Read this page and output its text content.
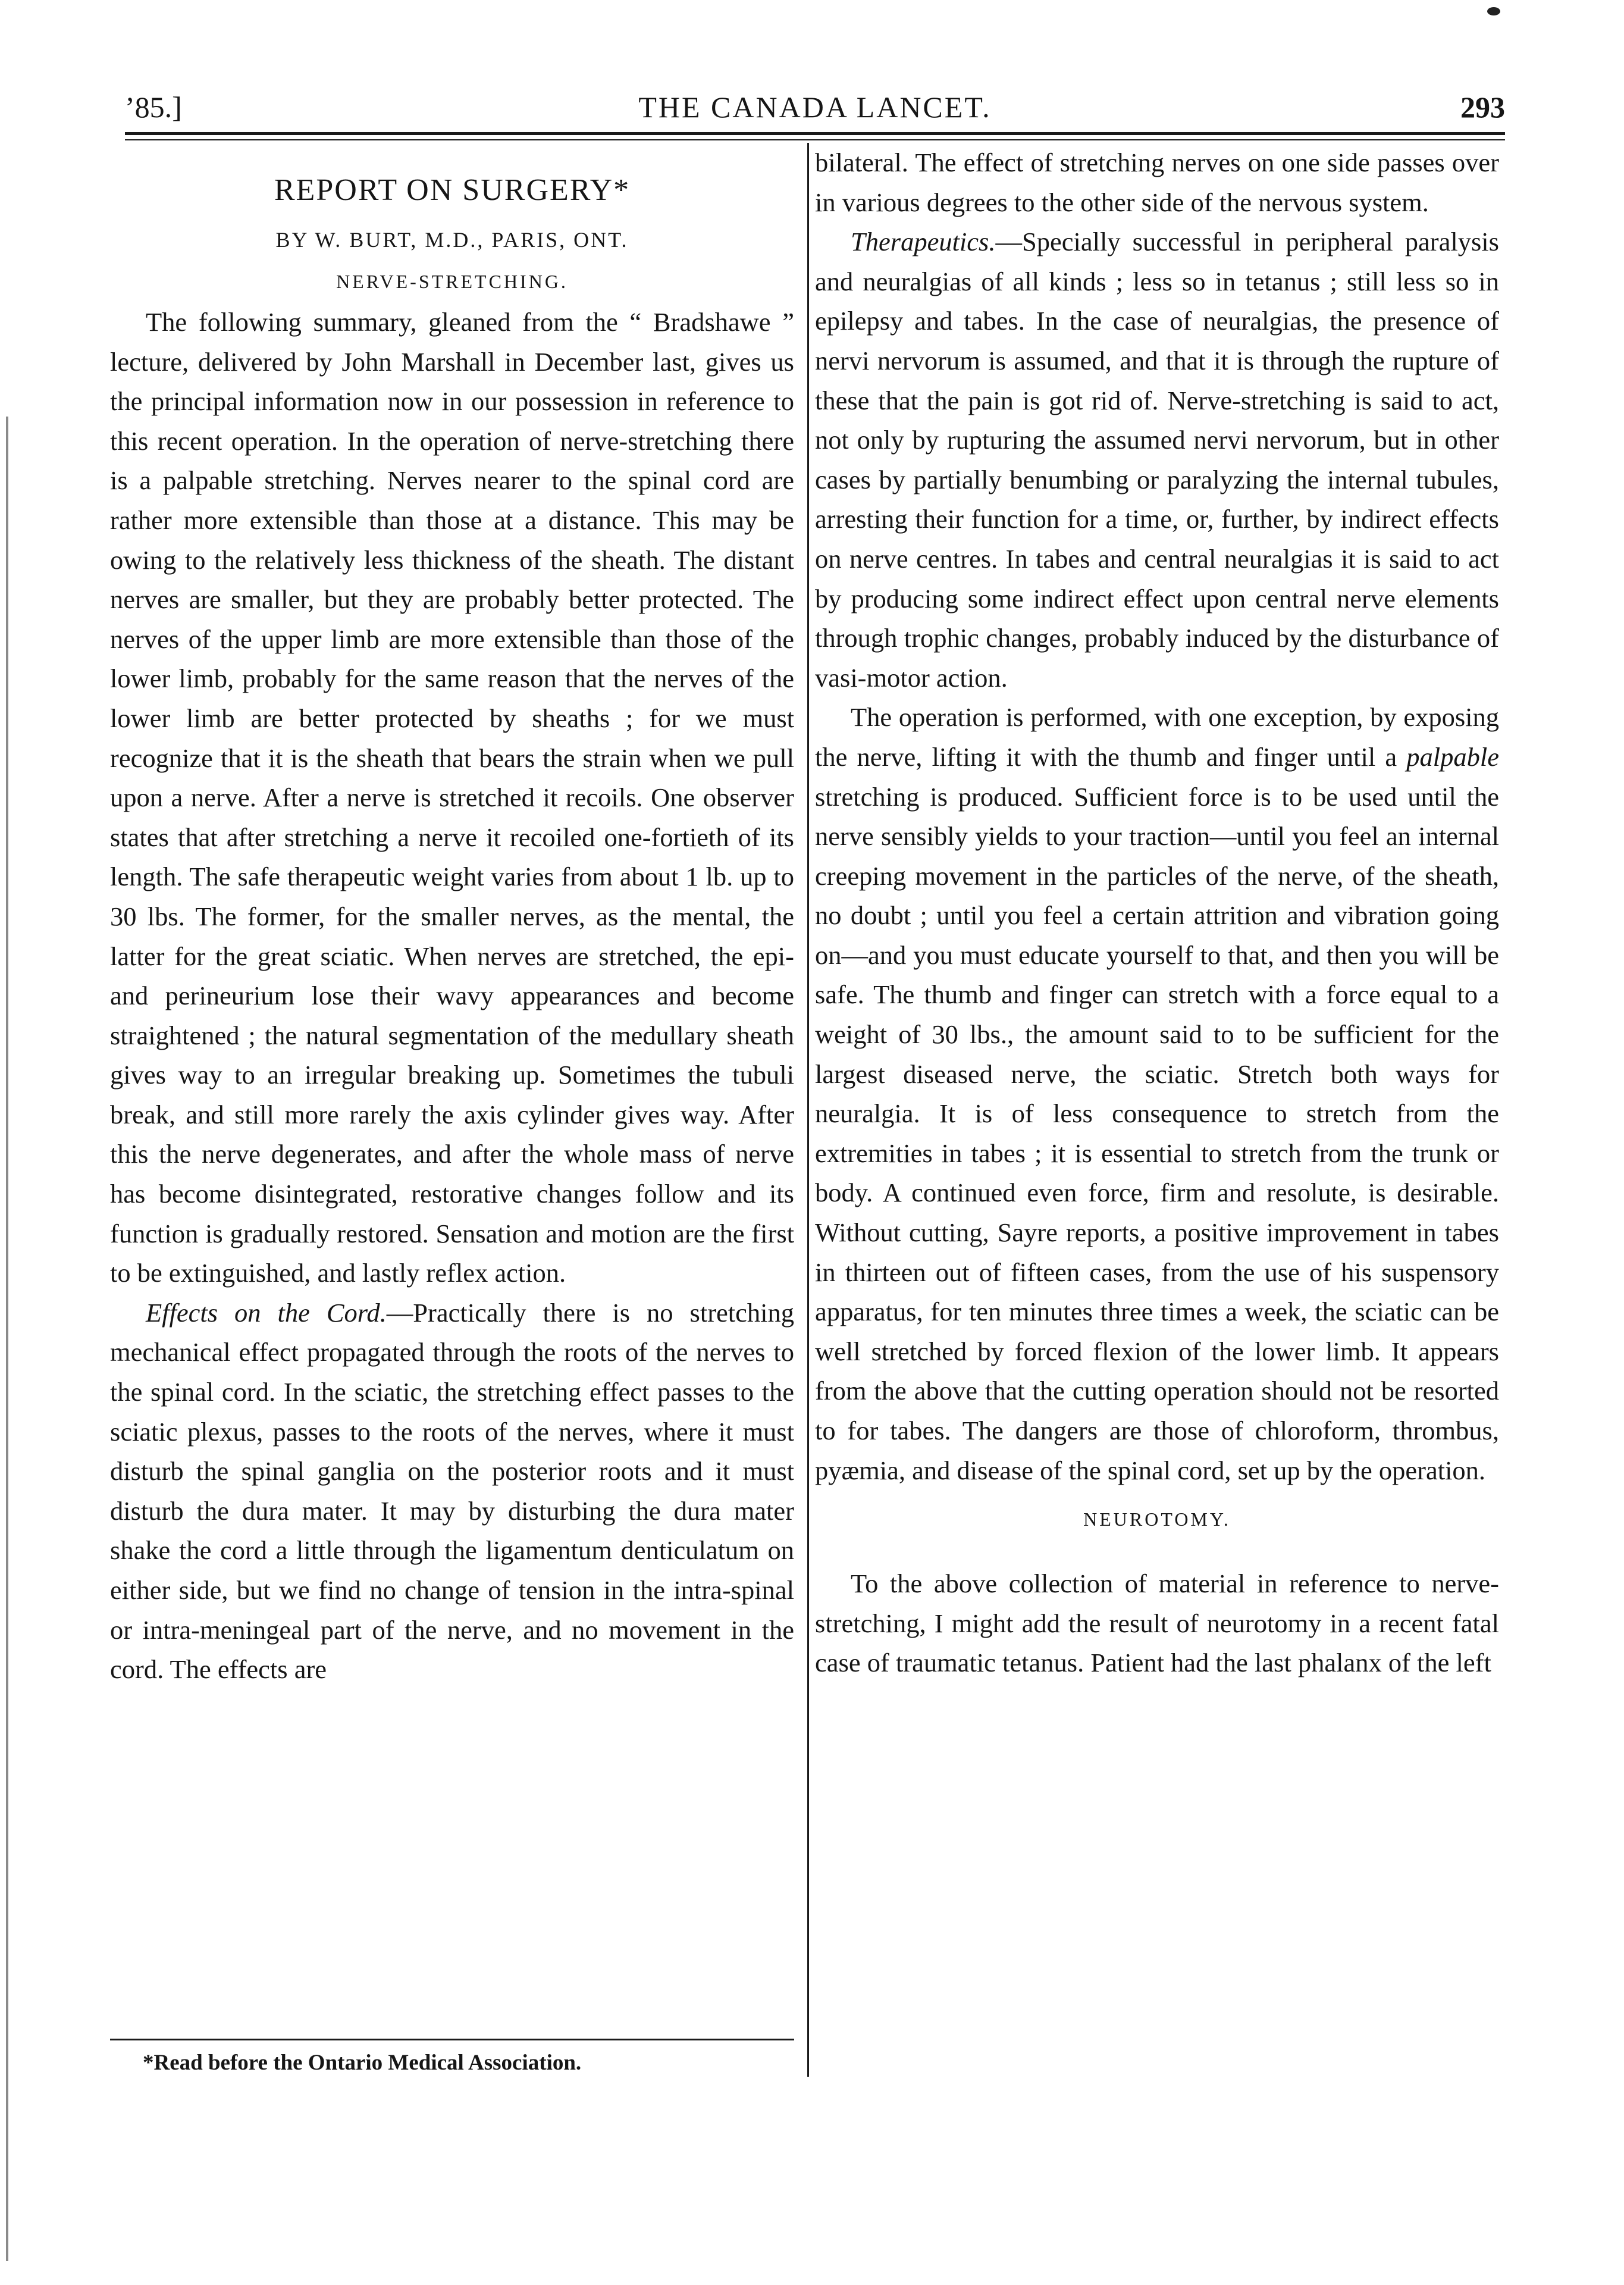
’85.]	THE CANADA LANCET.	293
REPORT ON SURGERY*
BY W. BURT, M.D., PARIS, ONT.
NERVE-STRETCHING.

The following summary, gleaned from the “ Bradshawe ” lecture, delivered by John Marshall in December last, gives us the principal information now in our possession in reference to this recent operation. In the operation of nerve-stretching there is a palpable stretching. Nerves nearer to the spinal cord are rather more extensible than those at a distance. This may be owing to the relatively less thickness of the sheath. The distant nerves are smaller, but they are probably better protected. The nerves of the upper limb are more extensible than those of the lower limb, probably for the same reason that the nerves of the lower limb are better protected by sheaths ; for we must recognize that it is the sheath that bears the strain when we pull upon a nerve. After a nerve is stretched it recoils. One observer states that after stretching a nerve it recoiled one-fortieth of its length. The safe therapeutic weight varies from about 1 lb. up to 30 lbs. The former, for the smaller nerves, as the mental, the latter for the great sciatic. When nerves are stretched, the epi- and perineurium lose their wavy appearances and become straightened ; the natural segmentation of the medullary sheath gives way to an irregular breaking up. Sometimes the tubuli break, and still more rarely the axis cylinder gives way. After this the nerve degenerates, and after the whole mass of nerve has become disintegrated, restorative changes follow and its function is gradually restored. Sensation and motion are the first to be extinguished, and lastly reflex action.

Effects on the Cord.—Practically there is no stretching mechanical effect propagated through the roots of the nerves to the spinal cord. In the sciatic, the stretching effect passes to the sciatic plexus, passes to the roots of the nerves, where it must disturb the spinal ganglia on the posterior roots and it must disturb the dura mater. It may by disturbing the dura mater shake the cord a little through the ligamentum denticulatum on either side, but we find no change of tension in the intra-spinal or intra-meningeal part of the nerve, and no movement in the cord. The effects are

bilateral. The effect of stretching nerves on one side passes over in various degrees to the other side of the nervous system.

Therapeutics.—Specially successful in peripheral paralysis and neuralgias of all kinds ; less so in tetanus ; still less so in epilepsy and tabes. In the case of neuralgias, the presence of nervi nervorum is assumed, and that it is through the rupture of these that the pain is got rid of. Nerve-stretching is said to act, not only by rupturing the assumed nervi nervorum, but in other cases by partially benumbing or paralyzing the internal tubules, arresting their function for a time, or, further, by indirect effects on nerve centres. In tabes and central neuralgias it is said to act by producing some indirect effect upon central nerve elements through trophic changes, probably induced by the disturbance of vasi-motor action.

The operation is performed, with one exception, by exposing the nerve, lifting it with the thumb and finger until a palpable stretching is produced. Sufficient force is to be used until the nerve sensibly yields to your traction—until you feel an internal creeping movement in the particles of the nerve, of the sheath, no doubt ; until you feel a certain attrition and vibration going on—and you must educate yourself to that, and then you will be safe. The thumb and finger can stretch with a force equal to a weight of 30 lbs., the amount said to to be sufficient for the largest diseased nerve, the sciatic. Stretch both ways for neuralgia. It is of less consequence to stretch from the extremities in tabes ; it is essential to stretch from the trunk or body. A continued even force, firm and resolute, is desirable. Without cutting, Sayre reports, a positive improvement in tabes in thirteen out of fifteen cases, from the use of his suspensory apparatus, for ten minutes three times a week, the sciatic can be well stretched by forced flexion of the lower limb. It appears from the above that the cutting operation should not be resorted to for tabes. The dangers are those of chloroform, thrombus, pyæmia, and disease of the spinal cord, set up by the operation.

NEUROTOMY.

To the above collection of material in reference to nerve-stretching, I might add the result of neurotomy in a recent fatal case of traumatic tetanus. Patient had the last phalanx of the left

*Read before the Ontario Medical Association.
